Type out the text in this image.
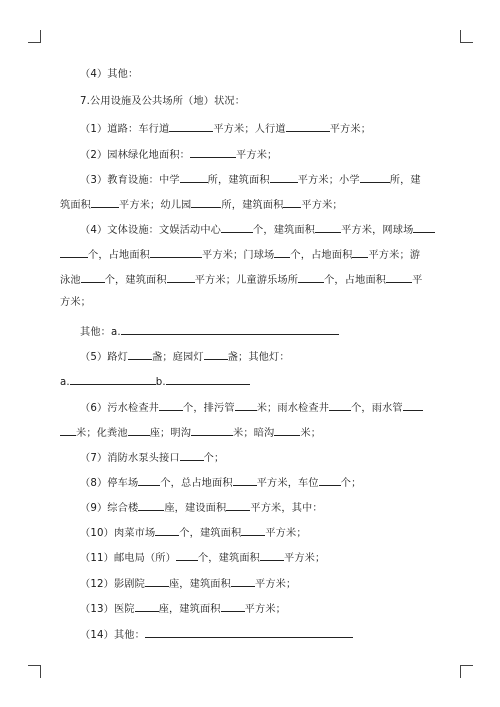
（4）其他：
7.公用设施及公共场所（地）状况：
（1）道路：车行道	平方米；人行道	平方米；
（2）园林绿化地面积：	平方米；
（3）教育设施：中学	所，建筑面积	平方米；小学	所，建
筑面积	平方米；幼儿园	所，建筑面积 平方米；
（4）文体设施：文娱活动中心	个，建筑面积	平方米，网球场
个，占地面积	平方米；门球场 个，占地面积 平方米；游
泳池 个，建筑面积	平方米；儿童游乐场所	个，占地面积	平
方米；
其他：a.
（5）路灯 盏；庭园灯 盏；其他灯：
a.	b.
（6）污水检查井 个，排污管 米；雨水检查井 个，雨水管
米；化粪池 座；明沟	米；暗沟	米；
（7）消防水泵头接口 个；
（8）停车场 个，总占地面积 平方米，车位 个；
（9）综合楼	座，建设面积 平方米，其中：
（10）肉菜市场 个，建筑面积 平方米；
（11）邮电局（所） 个，建筑面积 平方米；
（12）影剧院 座，建筑面积 平方米；
（13）医院 座，建筑面积 平方米；
（14）其他：
